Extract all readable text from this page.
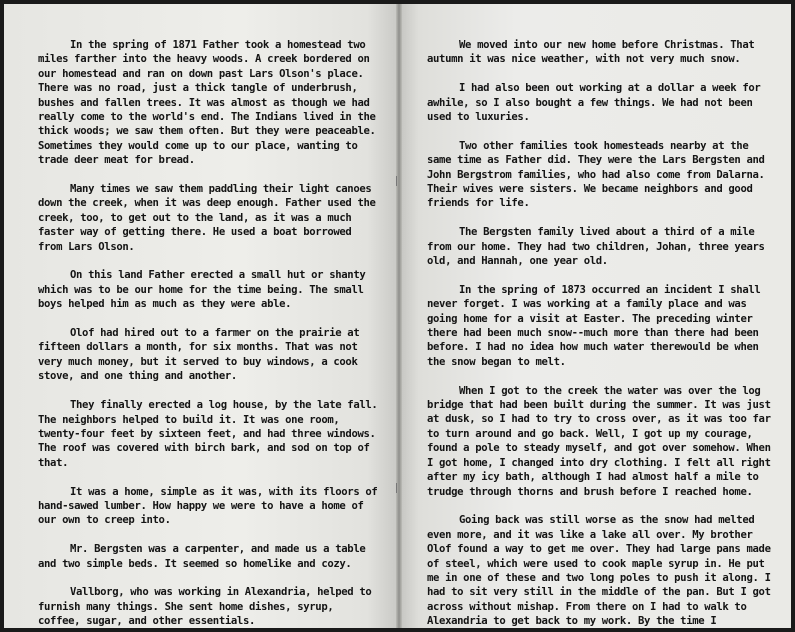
In the spring of 1871 Father took a homestead two miles farther into the heavy woods. A creek bordered on our homestead and ran on down past Lars Olson's place. There was no road, just a thick tangle of underbrush, bushes and fallen trees. It was almost as though we had really come to the world's end. The Indians lived in the thick woods; we saw them often. But they were peaceable. Sometimes they would come up to our place, wanting to trade deer meat for bread.

Many times we saw them paddling their light canoes down the creek, when it was deep enough. Father used the creek, too, to get out to the land, as it was a much faster way of getting there. He used a boat borrowed from Lars Olson.

On this land Father erected a small hut or shanty which was to be our home for the time being. The small boys helped him as much as they were able.

Olof had hired out to a farmer on the prairie at fifteen dollars a month, for six months. That was not very much money, but it served to buy windows, a cook stove, and one thing and another.

They finally erected a log house, by the late fall. The neighbors helped to build it. It was one room, twenty-four feet by sixteen feet, and had three windows. The roof was covered with birch bark, and sod on top of that.

It was a home, simple as it was, with its floors of hand-sawed lumber. How happy we were to have a home of our own to creep into.

Mr. Bergsten was a carpenter, and made us a table and two simple beds. It seemed so homelike and cozy.

Vallborg, who was working in Alexandria, helped to furnish many things. She sent home dishes, syrup, coffee, sugar, and other essentials.

We moved into our new home before Christmas. That autumn it was nice weather, with not very much snow.

I had also been out working at a dollar a week for awhile, so I also bought a few things. We had not been used to luxuries.

Two other families took homesteads nearby at the same time as Father did. They were the Lars Bergsten and John Bergstrom families, who had also come from Dalarna. Their wives were sisters. We became neighbors and good friends for life.

The Bergsten family lived about a third of a mile from our home. They had two children, Johan, three years old, and Hannah, one year old.

In the spring of 1873 occurred an incident I shall never forget. I was working at a family place and was going home for a visit at Easter. The preceding winter there had been much snow--much more than there had been before. I had no idea how much water therewould be when the snow began to melt.

When I got to the creek the water was over the log bridge that had been built during the summer. It was just at dusk, so I had to try to cross over, as it was too far to turn around and go back. Well, I got up my courage, found a pole to steady myself, and got over somehow. When I got home, I changed into dry clothing. I felt all right after my icy bath, although I had almost half a mile to trudge through thorns and brush before I reached home.

Going back was still worse as the snow had melted even more, and it was like a lake all over. My brother Olof found a way to get me over. They had large pans made of steel, which were used to cook maple syrup in. He put me in one of these and two long poles to push it along. I had to sit very still in the middle of the pan. But I got across without mishap. From there on I had to walk to Alexandria to get back to my work. By the time I
